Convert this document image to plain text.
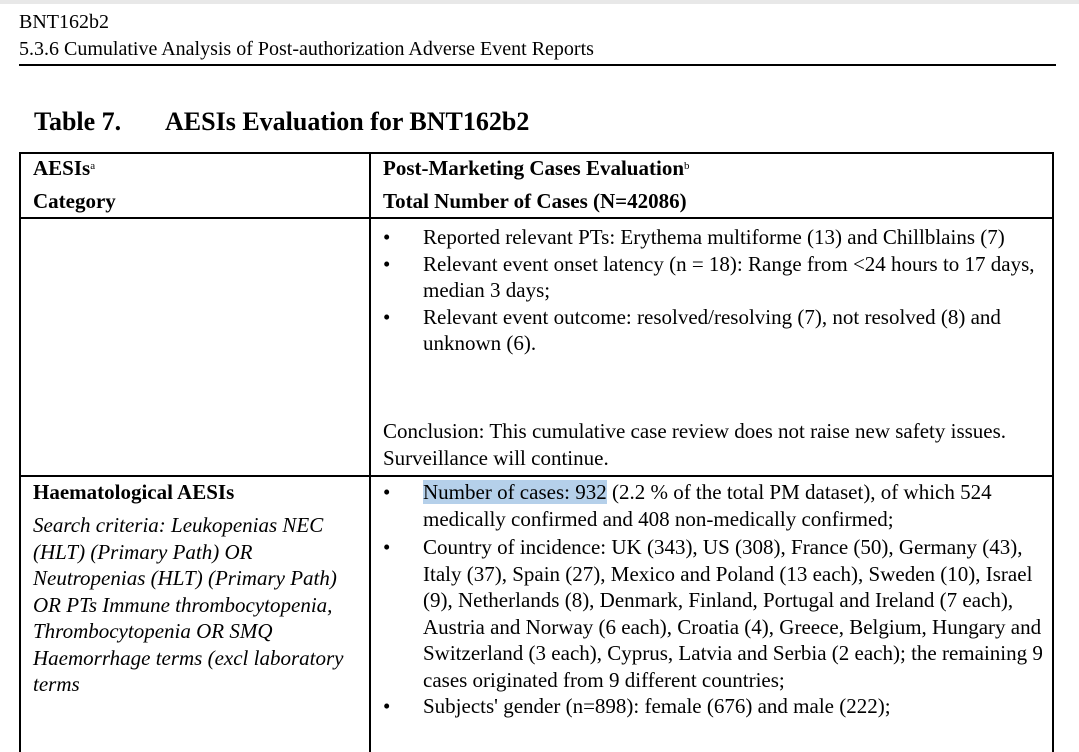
BNT162b2
5.3.6 Cumulative Analysis of Post-authorization Adverse Event Reports
Table 7. AESIs Evaluation for BNT162b2
AESIs$^a$
Category
Post-Marketing Cases Evaluation$^b$
Total Number of Cases (N=42086)
• Reported relevant PTs: Erythema multiforme (13) and Chillblains (7)
• Relevant event onset latency (n = 18): Range from <24 hours to 17 days, median 3 days;
• Relevant event outcome: resolved/resolving (7), not resolved (8) and unknown (6).
Conclusion: This cumulative case review does not raise new safety issues. Surveillance will continue.
Haematological AESIs
Search criteria: Leukopenias NEC (HLT) (Primary Path) OR Neutropenias (HLT) (Primary Path) OR PTs Immune thrombocytopenia, Thrombocytopenia OR SMQ Haemorrhage terms (excl laboratory terms
• Number of cases: 932 (2.2 % of the total PM dataset), of which 524 medically confirmed and 408 non-medically confirmed;
• Country of incidence: UK (343), US (308), France (50), Germany (43), Italy (37), Spain (27), Mexico and Poland (13 each), Sweden (10), Israel (9), Netherlands (8), Denmark, Finland, Portugal and Ireland (7 each), Austria and Norway (6 each), Croatia (4), Greece, Belgium, Hungary and Switzerland (3 each), Cyprus, Latvia and Serbia (2 each); the remaining 9 cases originated from 9 different countries;
• Subjects' gender (n=898): female (676) and male (222);
